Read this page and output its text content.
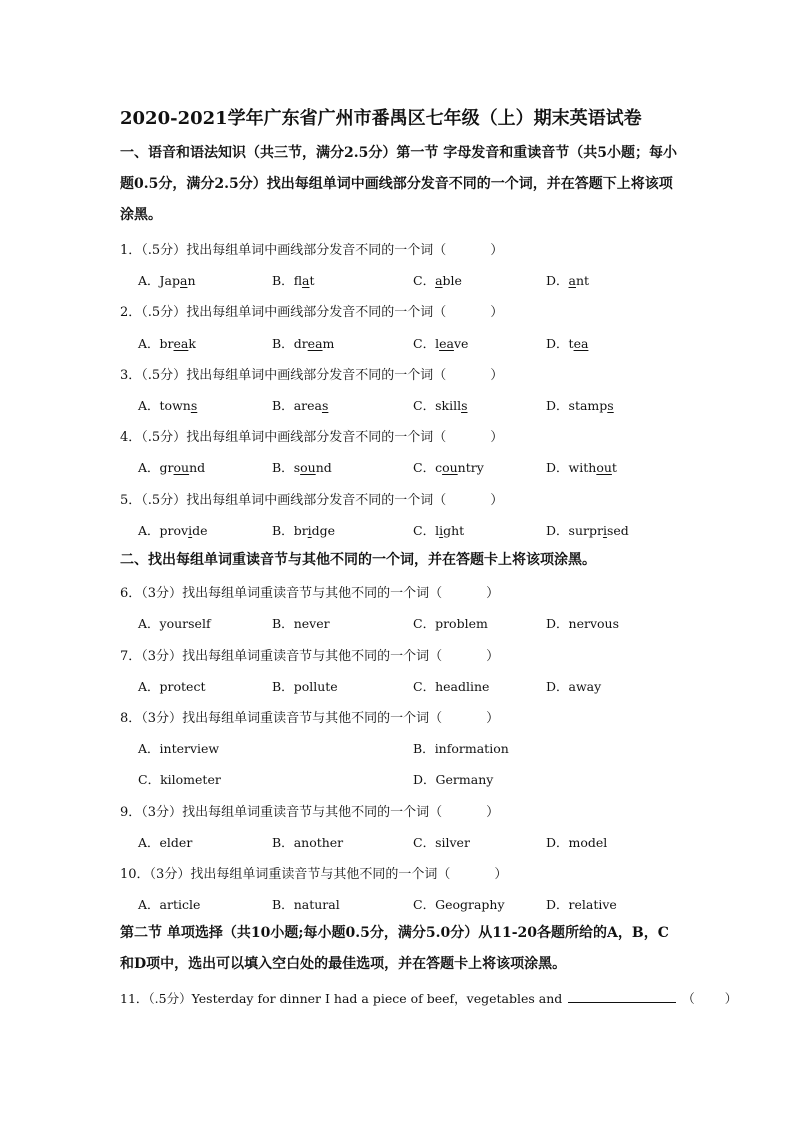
2020-2021学年广东省广州市番禺区七年级（上）期末英语试卷
一、语音和语法知识（共三节，满分2.5分）第一节 字母发音和重读音节（共5小题；每小题0.5分，满分2.5分）找出每组单词中画线部分发音不同的一个词，并在答题下上将该项涂黑。
1．（.5分）找出每组单词中画线部分发音不同的一个词（	）
A．Japan	B．flat	C．able	D．ant
2．（.5分）找出每组单词中画线部分发音不同的一个词（	）
A．break	B．dream	C．leave	D．tea
3．（.5分）找出每组单词中画线部分发音不同的一个词（	）
A．towns	B．areas	C．skills	D．stamps
4．（.5分）找出每组单词中画线部分发音不同的一个词（	）
A．ground	B．sound	C．country	D．without
5．（.5分）找出每组单词中画线部分发音不同的一个词（	）
A．provide	B．bridge	C．light	D．surprised
二、找出每组单词重读音节与其他不同的一个词，并在答题卡上将该项涂黑。
6．（3分）找出每组单词重读音节与其他不同的一个词（	）
A．yourself	B．never	C．problem	D．nervous
7．（3分）找出每组单词重读音节与其他不同的一个词（	）
A．protect	B．pollute	C．headline	D．away
8．（3分）找出每组单词重读音节与其他不同的一个词（	）
A．interview	B．information
C．kilometer	D．Germany
9．（3分）找出每组单词重读音节与其他不同的一个词（	）
A．elder	B．another	C．silver	D．model
10．（3分）找出每组单词重读音节与其他不同的一个词（	）
A．article	B．natural	C．Geography	D．relative
第二节 单项选择（共10小题;每小题0.5分，满分5.0分）从11-20各题所给的A，B，C和D项中，选出可以填入空白处的最佳选项，并在答题卡上将该项涂黑。
11．（.5分）Yesterday for dinner I had a piece of beef，vegetables and	（ ）
